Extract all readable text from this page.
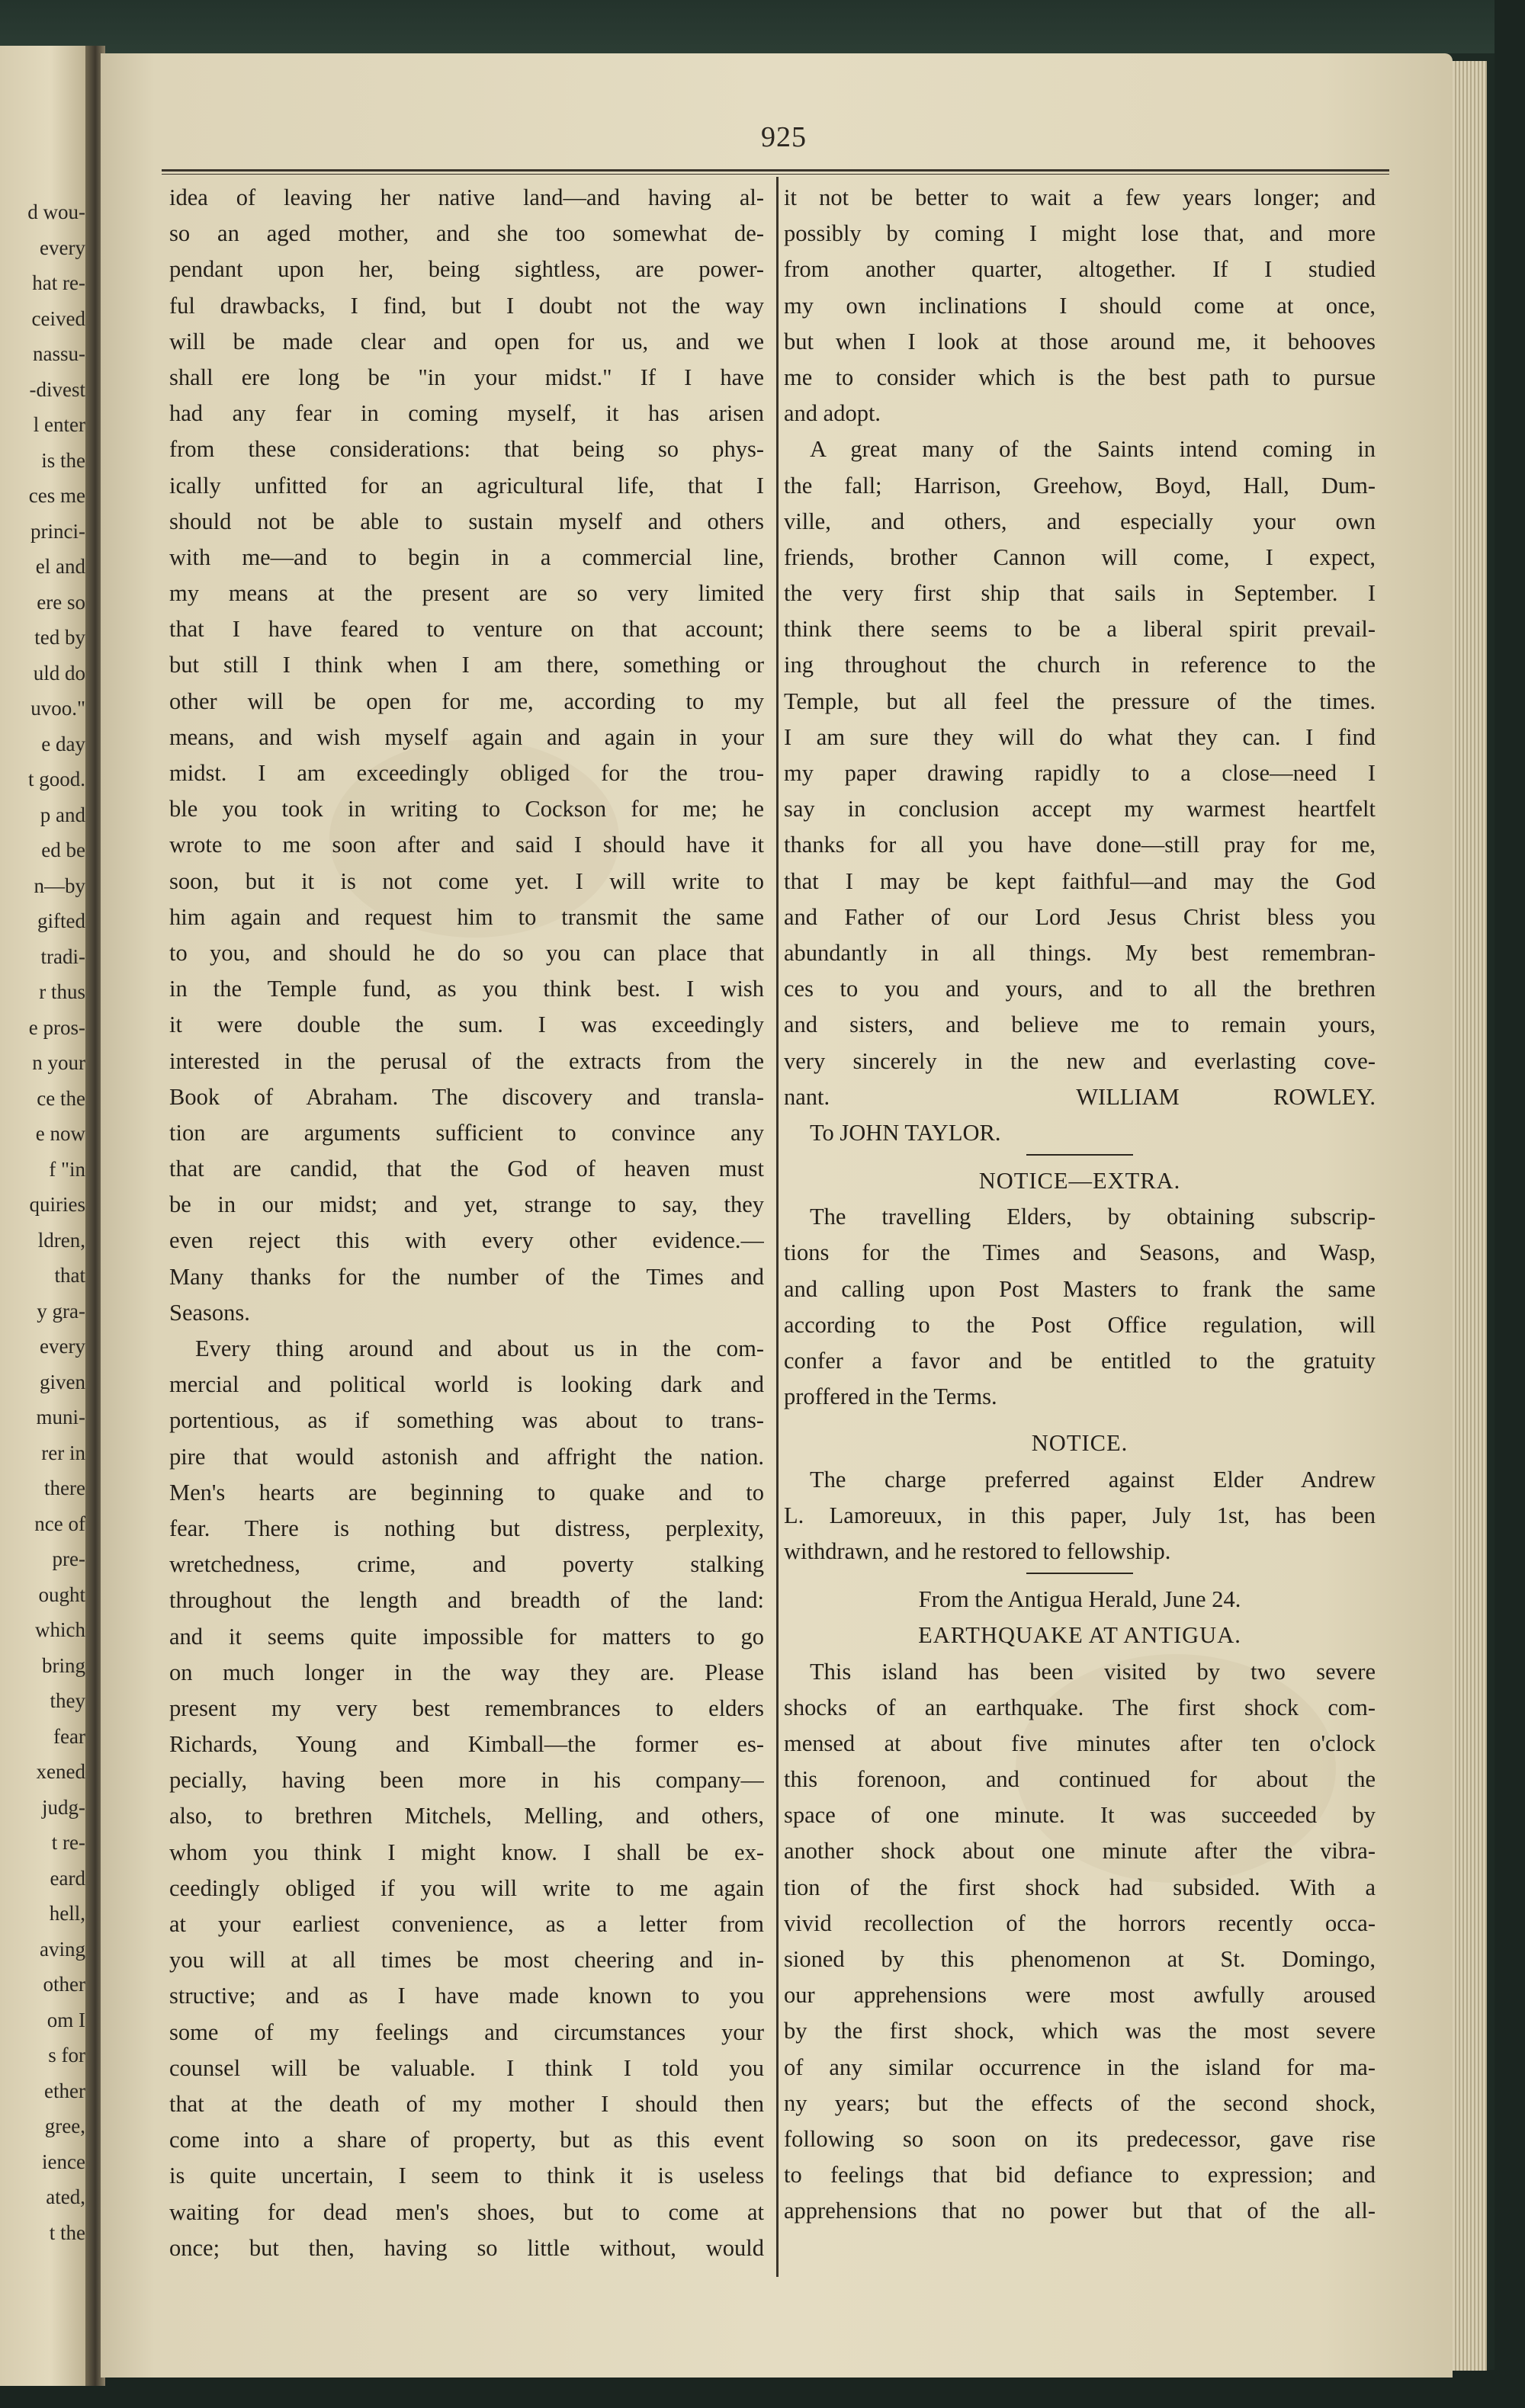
d wou-
every
hat re-
ceived
nassu-
-divest
l enter
is the
ces me
princi-
el and
ere so
ted by
uld do
uvoo."
e day
t good.
p and
ed be
n—by
gifted
tradi-
r thus
e pros-
n your
ce the
e now
f "in
quiries
ldren,
that
y gra-
every
given
muni-
rer in
there
nce of
pre-
ought
which
bring
they
fear
xened
judg-
t re-
eard
hell,
aving
other
om I
s for
ether
gree,
ience
ated,
t the
925
idea of leaving her native land—and having al-
so an aged mother, and she too somewhat de-
pendant upon her, being sightless, are power-
ful drawbacks, I find, but I doubt not the way
will be made clear and open for us, and we
shall ere long be "in your midst." If I have
had any fear in coming myself, it has arisen
from these considerations: that being so phys-
ically unfitted for an agricultural life, that I
should not be able to sustain myself and others
with me—and to begin in a commercial line,
my means at the present are so very limited
that I have feared to venture on that account;
but still I think when I am there, something or
other will be open for me, according to my
means, and wish myself again and again in your
midst. I am exceedingly obliged for the trou-
ble you took in writing to Cockson for me; he
wrote to me soon after and said I should have it
soon, but it is not come yet. I will write to
him again and request him to transmit the same
to you, and should he do so you can place that
in the Temple fund, as you think best. I wish
it were double the sum. I was exceedingly
interested in the perusal of the extracts from the
Book of Abraham. The discovery and transla-
tion are arguments sufficient to convince any
that are candid, that the God of heaven must
be in our midst; and yet, strange to say, they
even reject this with every other evidence.—
Many thanks for the number of the Times and
Seasons.
Every thing around and about us in the com-
mercial and political world is looking dark and
portentious, as if something was about to trans-
pire that would astonish and affright the nation.
Men's hearts are beginning to quake and to
fear. There is nothing but distress, perplexity,
wretchedness, crime, and poverty stalking
throughout the length and breadth of the land:
and it seems quite impossible for matters to go
on much longer in the way they are. Please
present my very best remembrances to elders
Richards, Young and Kimball—the former es-
pecially, having been more in his company—
also, to brethren Mitchels, Melling, and others,
whom you think I might know. I shall be ex-
ceedingly obliged if you will write to me again
at your earliest convenience, as a letter from
you will at all times be most cheering and in-
structive; and as I have made known to you
some of my feelings and circumstances your
counsel will be valuable. I think I told you
that at the death of my mother I should then
come into a share of property, but as this event
is quite uncertain, I seem to think it is useless
waiting for dead men's shoes, but to come at
once; but then, having so little without, would
it not be better to wait a few years longer; and
possibly by coming I might lose that, and more
from another quarter, altogether. If I studied
my own inclinations I should come at once,
but when I look at those around me, it behooves
me to consider which is the best path to pursue
and adopt.
A great many of the Saints intend coming in
the fall; Harrison, Greehow, Boyd, Hall, Dum-
ville, and others, and especially your own
friends, brother Cannon will come, I expect,
the very first ship that sails in September. I
think there seems to be a liberal spirit prevail-
ing throughout the church in reference to the
Temple, but all feel the pressure of the times.
I am sure they will do what they can. I find
my paper drawing rapidly to a close—need I
say in conclusion accept my warmest heartfelt
thanks for all you have done—still pray for me,
that I may be kept faithful—and may the God
and Father of our Lord Jesus Christ bless you
abundantly in all things. My best remembran-
ces to you and yours, and to all the brethren
and sisters, and believe me to remain yours,
very sincerely in the new and everlasting cove-
nant.	WILLIAM ROWLEY.
To JOHN TAYLOR.
NOTICE—EXTRA.
The travelling Elders, by obtaining subscrip-
tions for the Times and Seasons, and Wasp,
and calling upon Post Masters to frank the same
according to the Post Office regulation, will
confer a favor and be entitled to the gratuity
proffered in the Terms.
NOTICE.
The charge preferred against Elder Andrew
L. Lamoreuux, in this paper, July 1st, has been
withdrawn, and he restored to fellowship.
From the Antigua Herald, June 24.
EARTHQUAKE AT ANTIGUA.
This island has been visited by two severe
shocks of an earthquake. The first shock com-
mensed at about five minutes after ten o'clock
this forenoon, and continued for about the
space of one minute. It was succeeded by
another shock about one minute after the vibra-
tion of the first shock had subsided. With a
vivid recollection of the horrors recently occa-
sioned by this phenomenon at St. Domingo,
our apprehensions were most awfully aroused
by the first shock, which was the most severe
of any similar occurrence in the island for ma-
ny years; but the effects of the second shock,
following so soon on its predecessor, gave rise
to feelings that bid defiance to expression; and
apprehensions that no power but that of the all-
